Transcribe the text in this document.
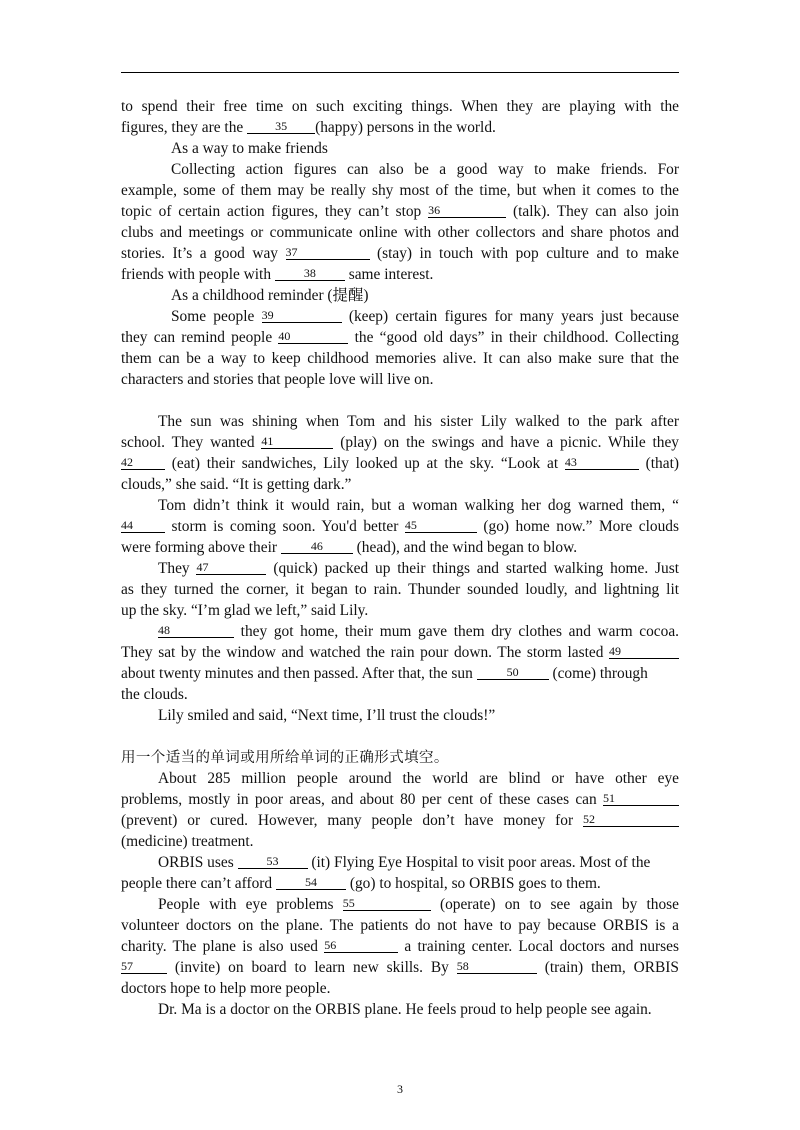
to spend their free time on such exciting things. When they are playing with the
figures, they are the 35 (happy) persons in the world.
As a way to make friends
Collecting action figures can also be a good way to make friends. For
example, some of them may be really shy most of the time, but when it comes to the
topic of certain action figures, they can’t stop 36	(talk). They can also join
clubs and meetings or communicate online with other collectors and share photos and
stories. It’s a good way 37	(stay) in touch with pop culture and to make
friends with people with 38 same interest.
As a childhood reminder (提醒)
Some people 39	(keep) certain figures for many years just because
they can remind people 40	the “good old days” in their childhood. Collecting
them can be a way to keep childhood memories alive. It can also make sure that the
characters and stories that people love will live on.
The sun was shining when Tom and his sister Lily walked to the park after
school. They wanted 41	(play) on the swings and have a picnic. While they
42 (eat) their sandwiches, Lily looked up at the sky. “Look at 43	(that)
clouds,” she said. “It is getting dark.”
Tom didn’t think it would rain, but a woman walking her dog warned them, “
44 storm is coming soon. You'd better 45	(go) home now.” More clouds
were forming above their	46 (head), and the wind began to blow.
They 47	(quick) packed up their things and started walking home. Just
as they turned the corner, it began to rain. Thunder sounded loudly, and lightning lit
up the sky. “I’m glad we left,” said Lily.
48	they got home, their mum gave them dry clothes and warm cocoa.
They sat by the window and watched the rain pour down. The storm lasted 49
about twenty minutes and then passed. After that, the sun	50 (come) through
the clouds.
Lily smiled and said, “Next time, I’ll trust the clouds!”
用一个适当的单词或用所给单词的正确形式填空。
About 285 million people around the world are blind or have other eye
problems, mostly in poor areas, and about 80 per cent of these cases can 51
(prevent) or cured. However, many people don’t have money for 52
(medicine) treatment.
ORBIS uses 53 (it) Flying Eye Hospital to visit poor areas. Most of the
people there can’t afford 54 (go) to hospital, so ORBIS goes to them.
People with eye problems 55	(operate) on to see again by those
volunteer doctors on the plane. The patients do not have to pay because ORBIS is a
charity. The plane is also used 56	a training center. Local doctors and nurses
57 (invite) on board to learn new skills. By 58	(train) them, ORBIS
doctors hope to help more people.
Dr. Ma is a doctor on the ORBIS plane. He feels proud to help people see again.
3
